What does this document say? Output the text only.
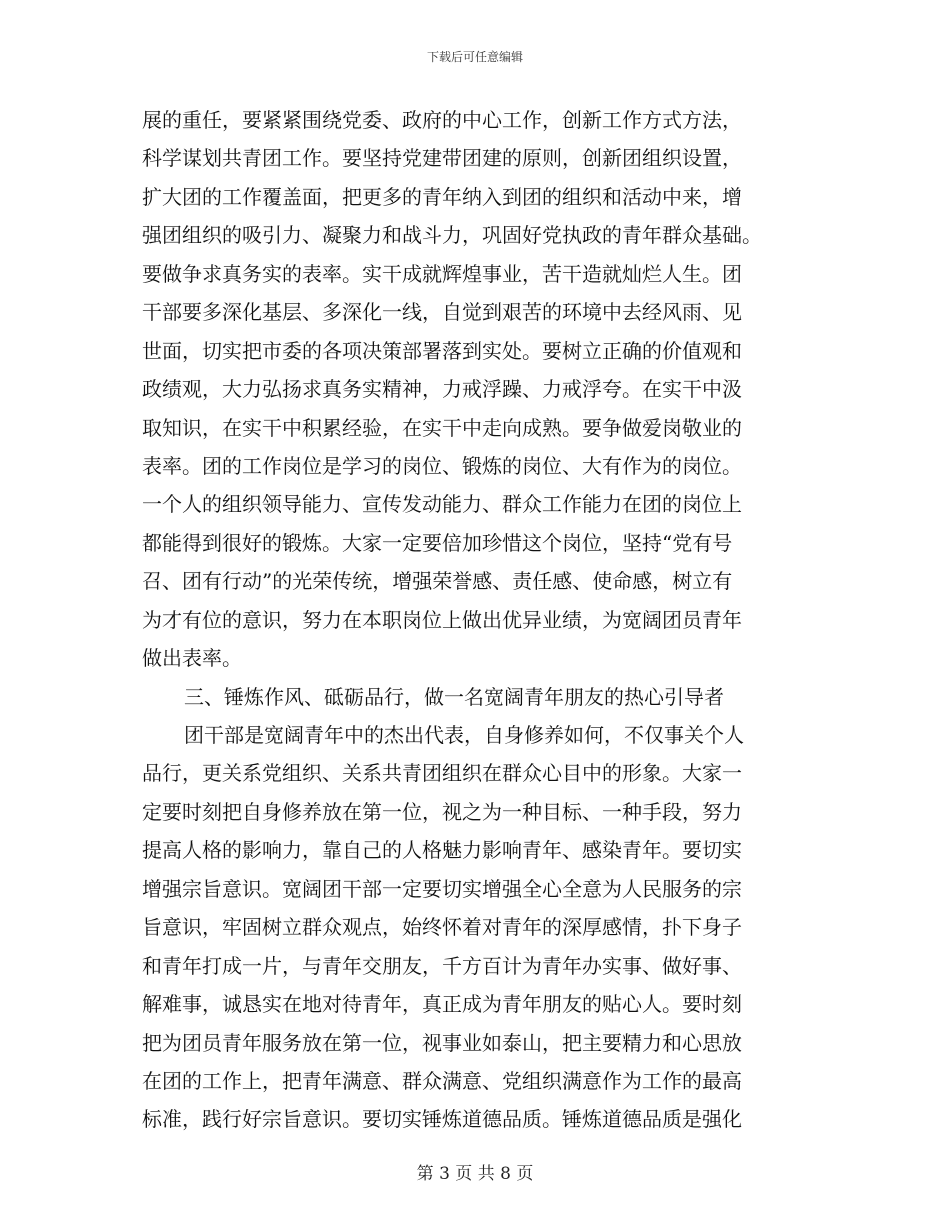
下载后可任意编辑
展的重任，要紧紧围绕党委、政府的中心工作，创新工作方式方法，
科学谋划共青团工作。要坚持党建带团建的原则，创新团组织设置，
扩大团的工作覆盖面，把更多的青年纳入到团的组织和活动中来，增
强团组织的吸引力、凝聚力和战斗力，巩固好党执政的青年群众基础。
要做争求真务实的表率。实干成就辉煌事业，苦干造就灿烂人生。团
干部要多深化基层、多深化一线，自觉到艰苦的环境中去经风雨、见
世面，切实把市委的各项决策部署落到实处。要树立正确的价值观和
政绩观，大力弘扬求真务实精神，力戒浮躁、力戒浮夸。在实干中汲
取知识，在实干中积累经验，在实干中走向成熟。要争做爱岗敬业的
表率。团的工作岗位是学习的岗位、锻炼的岗位、大有作为的岗位。
一个人的组织领导能力、宣传发动能力、群众工作能力在团的岗位上
都能得到很好的锻炼。大家一定要倍加珍惜这个岗位，坚持“党有号
召、团有行动”的光荣传统，增强荣誉感、责任感、使命感，树立有
为才有位的意识，努力在本职岗位上做出优异业绩，为宽阔团员青年
做出表率。
三、锤炼作风、砥砺品行，做一名宽阔青年朋友的热心引导者
团干部是宽阔青年中的杰出代表，自身修养如何，不仅事关个人
品行，更关系党组织、关系共青团组织在群众心目中的形象。大家一
定要时刻把自身修养放在第一位，视之为一种目标、一种手段，努力
提高人格的影响力，靠自己的人格魅力影响青年、感染青年。要切实
增强宗旨意识。宽阔团干部一定要切实增强全心全意为人民服务的宗
旨意识，牢固树立群众观点，始终怀着对青年的深厚感情，扑下身子
和青年打成一片，与青年交朋友，千方百计为青年办实事、做好事、
解难事，诚恳实在地对待青年，真正成为青年朋友的贴心人。要时刻
把为团员青年服务放在第一位，视事业如泰山，把主要精力和心思放
在团的工作上，把青年满意、群众满意、党组织满意作为工作的最高
标准，践行好宗旨意识。要切实锤炼道德品质。锤炼道德品质是强化
第 3 页 共 8 页
